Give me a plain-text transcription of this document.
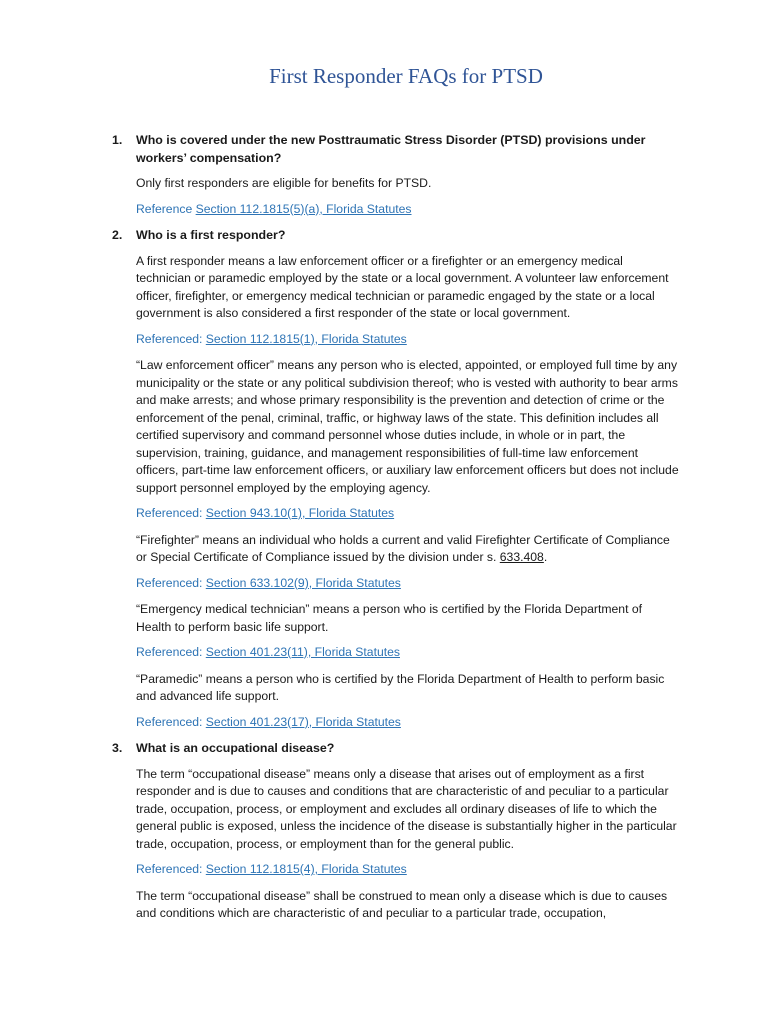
First Responder FAQs for PTSD
1. Who is covered under the new Posttraumatic Stress Disorder (PTSD) provisions under workers’ compensation?
Only first responders are eligible for benefits for PTSD.
Reference Section 112.1815(5)(a), Florida Statutes
2. Who is a first responder?
A first responder means a law enforcement officer or a firefighter or an emergency medical technician or paramedic employed by the state or a local government. A volunteer law enforcement officer, firefighter, or emergency medical technician or paramedic engaged by the state or a local government is also considered a first responder of the state or local government.
Referenced: Section 112.1815(1), Florida Statutes
“Law enforcement officer” means any person who is elected, appointed, or employed full time by any municipality or the state or any political subdivision thereof; who is vested with authority to bear arms and make arrests; and whose primary responsibility is the prevention and detection of crime or the enforcement of the penal, criminal, traffic, or highway laws of the state. This definition includes all certified supervisory and command personnel whose duties include, in whole or in part, the supervision, training, guidance, and management responsibilities of full-time law enforcement officers, part-time law enforcement officers, or auxiliary law enforcement officers but does not include support personnel employed by the employing agency.
Referenced: Section 943.10(1), Florida Statutes
“Firefighter” means an individual who holds a current and valid Firefighter Certificate of Compliance or Special Certificate of Compliance issued by the division under s. 633.408.
Referenced: Section 633.102(9), Florida Statutes
“Emergency medical technician” means a person who is certified by the Florida Department of Health to perform basic life support.
Referenced: Section 401.23(11), Florida Statutes
“Paramedic” means a person who is certified by the Florida Department of Health to perform basic and advanced life support.
Referenced: Section 401.23(17), Florida Statutes
3. What is an occupational disease?
The term “occupational disease” means only a disease that arises out of employment as a first responder and is due to causes and conditions that are characteristic of and peculiar to a particular trade, occupation, process, or employment and excludes all ordinary diseases of life to which the general public is exposed, unless the incidence of the disease is substantially higher in the particular trade, occupation, process, or employment than for the general public.
Referenced: Section 112.1815(4), Florida Statutes
The term “occupational disease” shall be construed to mean only a disease which is due to causes and conditions which are characteristic of and peculiar to a particular trade, occupation,
